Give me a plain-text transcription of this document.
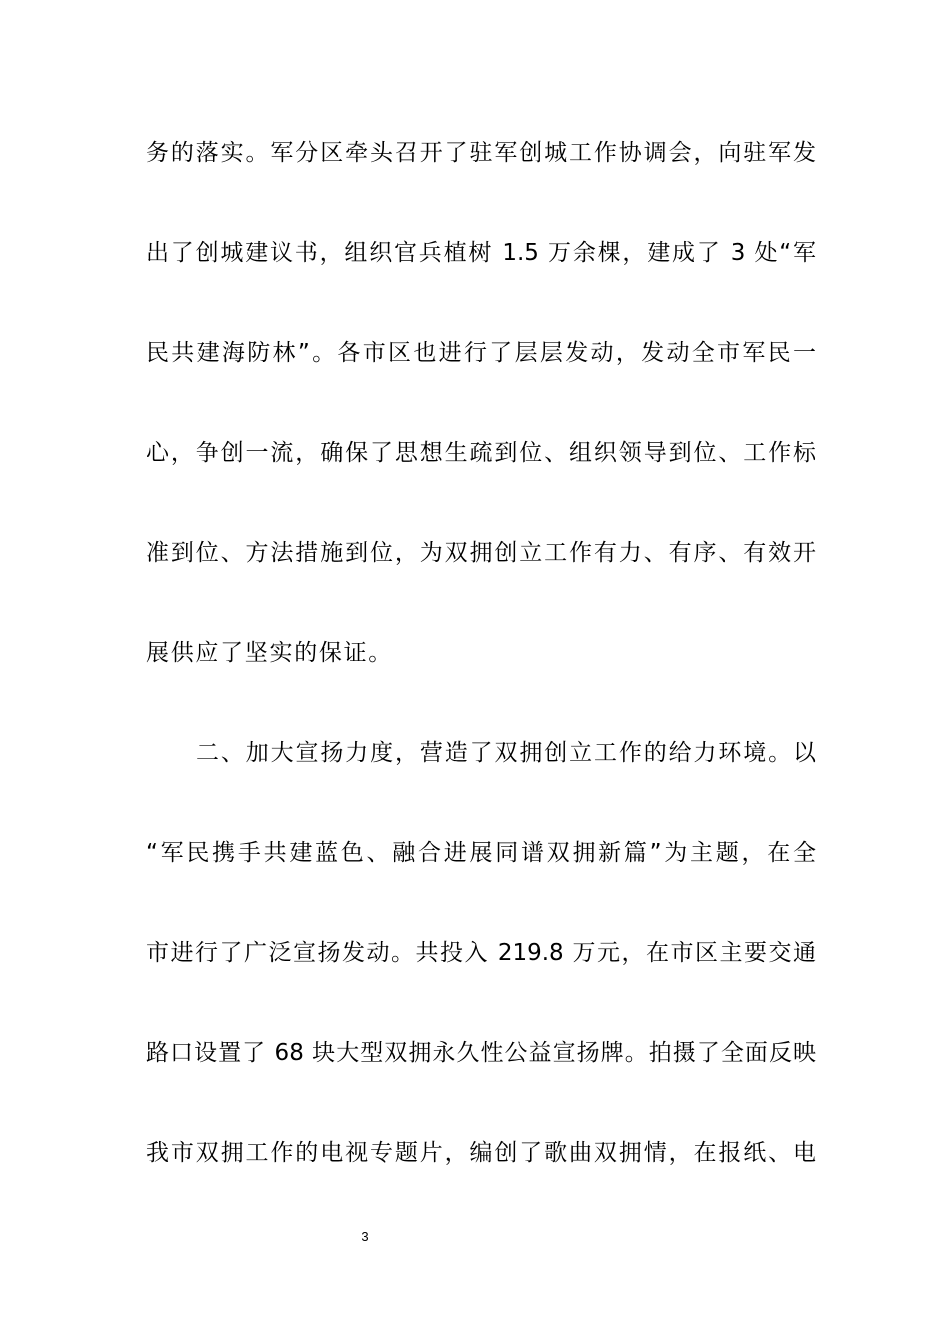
务的落实。军分区牵头召开了驻军创城工作协调会，向驻军发
出了创城建议书，组织官兵植树 1.5 万余棵，建成了 3 处“军
民共建海防林”。各市区也进行了层层发动，发动全市军民一
心，争创一流，确保了思想生疏到位、组织领导到位、工作标
准到位、方法措施到位，为双拥创立工作有力、有序、有效开
展供应了坚实的保证。
二、加大宣扬力度，营造了双拥创立工作的给力环境。以
“军民携手共建蓝色、融合进展同谱双拥新篇”为主题，在全
市进行了广泛宣扬发动。共投入 219.8 万元，在市区主要交通
路口设置了 68 块大型双拥永久性公益宣扬牌。拍摄了全面反映
我市双拥工作的电视专题片，编创了歌曲双拥情，在报纸、电
3
